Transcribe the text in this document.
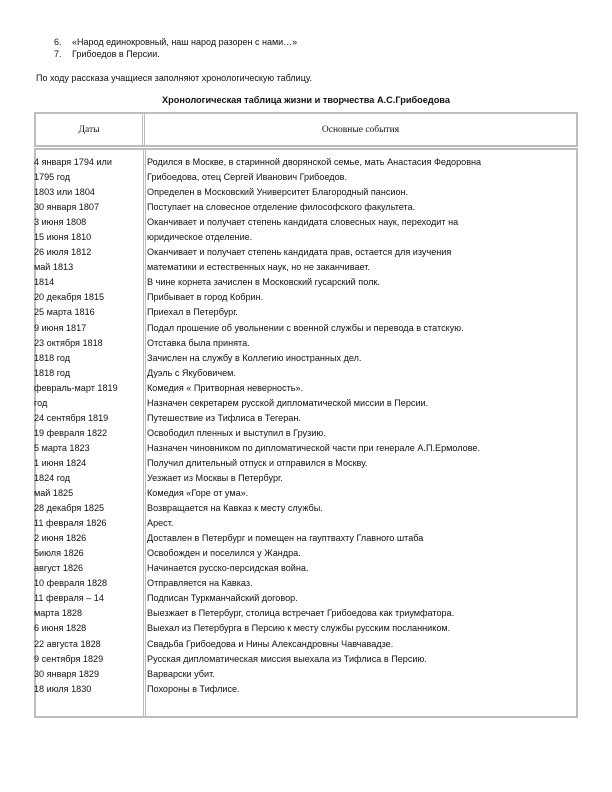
6.	«Народ единокровный, наш народ разорен с нами…»
7.	Грибоедов в Персии.
По ходу рассказа учащиеся заполняют хронологическую таблицу.
Хронологическая таблица жизни и творчества А.С.Грибоедова
Даты	Основные события
4 января 1794 или	Родился в Москве, в старинной дворянской семье, мать Анастасия Федоровна
1795 год	Грибоедова, отец Сергей Иванович Грибоедов.
1803 или 1804	Определен в Московский Университет Благородный пансион.
30 января 1807	Поступает на словесное отделение философского факультета.
3 июня 1808	Оканчивает и получает степень кандидата словесных наук, переходит на
15 июня 1810	юридическое отделение.
26 июля 1812	Оканчивает и получает степень кандидата прав, остается для изучения
май 1813	математики и естественных наук, но не заканчивает.
1814	В чине корнета зачислен в Московский гусарский полк.
20 декабря 1815	Прибывает в город Кобрин.
25 марта 1816	Приехал в Петербург.
9 июня 1817	Подал прошение об увольнении с военной службы и перевода в статскую.
23 октября 1818	Отставка была принята.
1818 год	Зачислен на службу в Коллегию иностранных дел.
1818 год	Дуэль с Якубовичем.
февраль-март 1819	Комедия « Притворная неверность».
год	Назначен секретарем русской дипломатической миссии в Персии.
24 сентября 1819	Путешествие из Тифлиса в Тегеран.
19 февраля 1822	Освободил пленных и выступил в Грузию.
5 марта 1823	Назначен чиновником по дипломатической части при генерале А.П.Ермолове.
1 июня 1824	Получил длительный отпуск и отправился в Москву.
1824 год	Уезжает из Москвы в Петербург.
май 1825	Комедия «Горе от ума».
28 декабря 1825	Возвращается на Кавказ к месту службы.
11 февраля 1826	Арест.
2 июня 1826	Доставлен в Петербург и помещен на гауптвахту Главного штаба
5июля 1826	Освобожден и поселился у Жандра.
август 1826	Начинается русско-персидская война.
10 февраля 1828	Отправляется на Кавказ.
11 февраля – 14	Подписан Туркманчайский договор.
марта 1828	Выезжает в Петербург, столица встречает Грибоедова как триумфатора.
6 июня 1828	Выехал из Петербурга в Персию к месту службы русским посланником.
22 августа 1828	Свадьба Грибоедова и Нины Александровны Чавчавадзе.
9 сентября 1829	Русская дипломатическая миссия выехала из Тифлиса в Персию.
30 января 1829	Варварски убит.
18 июля 1830	Похороны в Тифлисе.
